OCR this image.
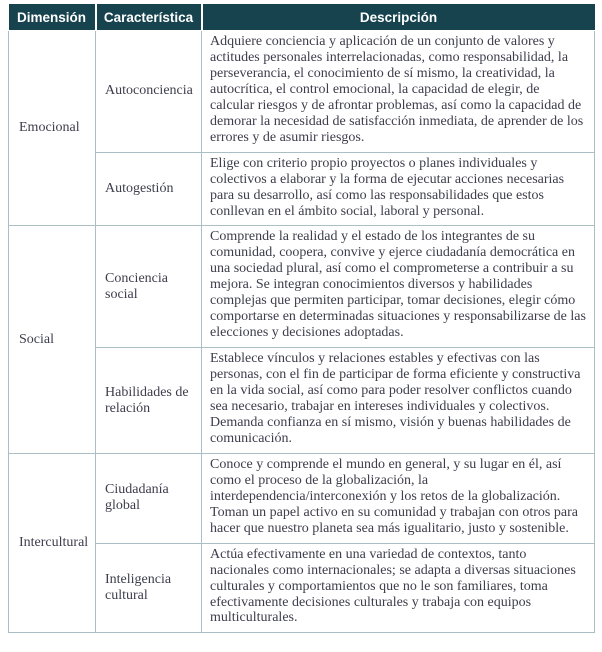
Dimensión	Característica	Descripción
Emocional	Autoconciencia	Adquiere conciencia y aplicación de un conjunto de valores y actitudes personales interrelacionadas, como responsabilidad, la perseverancia, el conocimiento de sí mismo, la creatividad, la autocrítica, el control emocional, la capacidad de elegir, de calcular riesgos y de afrontar problemas, así como la capacidad de demorar la necesidad de satisfacción inmediata, de aprender de los errores y de asumir riesgos.
	Autogestión	Elige con criterio propio proyectos o planes individuales y colectivos a elaborar y la forma de ejecutar acciones necesarias para su desarrollo, así como las responsabilidades que estos conllevan en el ámbito social, laboral y personal.
Social	Conciencia social	Comprende la realidad y el estado de los integrantes de su comunidad, coopera, convive y ejerce ciudadanía democrática en una sociedad plural, así como el comprometerse a contribuir a su mejora. Se integran conocimientos diversos y habilidades complejas que permiten participar, tomar decisiones, elegir cómo comportarse en determinadas situaciones y responsabilizarse de las elecciones y decisiones adoptadas.
	Habilidades de relación	Establece vínculos y relaciones estables y efectivas con las personas, con el fin de participar de forma eficiente y constructiva en la vida social, así como para poder resolver conflictos cuando sea necesario, trabajar en intereses individuales y colectivos. Demanda confianza en sí mismo, visión y buenas habilidades de comunicación.
Intercultural	Ciudadanía global	Conoce y comprende el mundo en general, y su lugar en él, así como el proceso de la globalización, la interdependencia/interconexión y los retos de la globalización. Toman un papel activo en su comunidad y trabajan con otros para hacer que nuestro planeta sea más igualitario, justo y sostenible.
	Inteligencia cultural	Actúa efectivamente en una variedad de contextos, tanto nacionales como internacionales; se adapta a diversas situaciones culturales y comportamientos que no le son familiares, toma efectivamente decisiones culturales y trabaja con equipos multiculturales.
